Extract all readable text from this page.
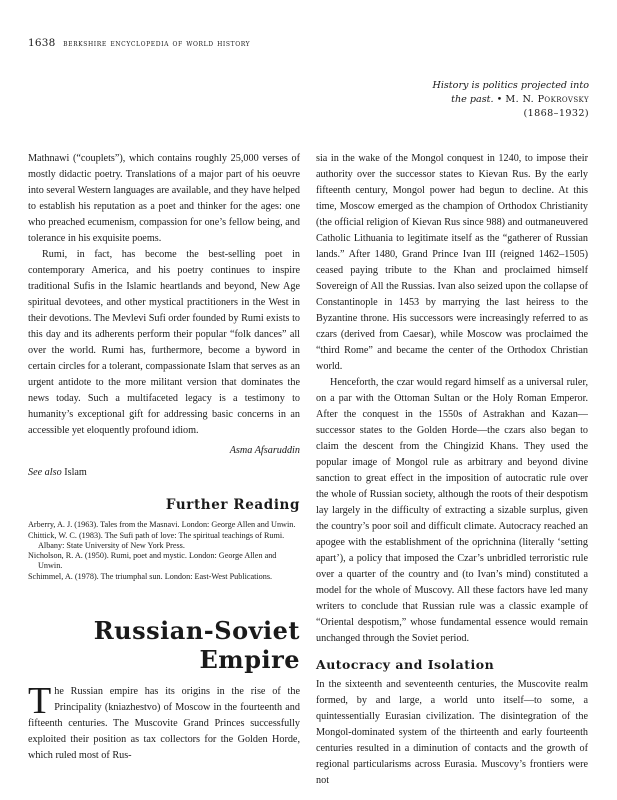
1638 berkshire encyclopedia of world history
History is politics projected into
the past. • M. N. Pokrovsky
(1868–1932)

Mathnawi (“couplets”), which contains roughly 25,000 verses of mostly didactic poetry. Translations of a major part of his oeuvre into several Western languages are available, and they have helped to establish his reputation as a poet and thinker for the ages: one who preached ecumenism, compassion for one’s fellow being, and tolerance in his exquisite poems.

Rumi, in fact, has become the best-selling poet in contemporary America, and his poetry continues to inspire traditional Sufis in the Islamic heartlands and beyond, New Age spiritual devotees, and other mystical practitioners in the West in their devotions. The Mevlevi Sufi order founded by Rumi exists to this day and its adherents perform their popular “folk dances” all over the world. Rumi has, furthermore, become a byword in certain circles for a tolerant, compassionate Islam that serves as an urgent antidote to the more militant version that dominates the news today. Such a multifaceted legacy is a testimony to humanity’s exceptional gift for addressing basic concerns in an accessible yet eloquently profound idiom.

Asma Afsaruddin
See also Islam
Further Reading
Arberry, A. J. (1963). Tales from the Masnavi. London: George Allen and Unwin.
Chittick, W. C. (1983). The Sufi path of love: The spiritual teachings of Rumi. Albany: State University of New York Press.
Nicholson, R. A. (1950). Rumi, poet and mystic. London: George Allen and Unwin.
Schimmel, A. (1978). The triumphal sun. London: East-West Publications.
Russian-Soviet
Empire
T he Russian empire has its origins in the rise of the Principality (kniazhestvo) of Moscow in the fourteenth and fifteenth centuries. The Muscovite Grand Princes successfully exploited their position as tax collectors for the Golden Horde, which ruled most of Rus-

sia in the wake of the Mongol conquest in 1240, to impose their authority over the successor states to Kievan Rus. By the early fifteenth century, Mongol power had begun to decline. At this time, Moscow emerged as the champion of Orthodox Christianity (the official religion of Kievan Rus since 988) and outmaneuvered Catholic Lithuania to legitimate itself as the “gatherer of Russian lands.” After 1480, Grand Prince Ivan III (reigned 1462–1505) ceased paying tribute to the Khan and proclaimed himself Sovereign of All the Russias. Ivan also seized upon the collapse of Constantinople in 1453 by marrying the last heiress to the Byzantine throne. His successors were increasingly referred to as czars (derived from Caesar), while Moscow was proclaimed the “third Rome” and became the center of the Orthodox Christian world.

Henceforth, the czar would regard himself as a universal ruler, on a par with the Ottoman Sultan or the Holy Roman Emperor. After the conquest in the 1550s of Astrakhan and Kazan—successor states to the Golden Horde—the czars also began to claim the descent from the Chingizid Khans. They used the popular image of Mongol rule as arbitrary and beyond divine sanction to great effect in the imposition of autocratic rule over the whole of Russian society, although the roots of their despotism lay largely in the difficulty of extracting a sizable surplus, given the country’s poor soil and difficult climate. Autocracy reached an apogee with the establishment of the oprichnina (literally ‘setting apart’), a policy that imposed the Czar’s unbridled terroristic rule over a quarter of the country and (to Ivan’s mind) constituted a model for the whole of Muscovy. All these factors have led many writers to conclude that Russian rule was a classic example of “Oriental despotism,” whose fundamental essence would remain unchanged through the Soviet period.

Autocracy and Isolation

In the sixteenth and seventeenth centuries, the Muscovite realm formed, by and large, a world unto itself—to some, a quintessentially Eurasian civilization. The disintegration of the Mongol-dominated system of the thirteenth and early fourteenth centuries resulted in a diminution of contacts and the growth of regional particularisms across Eurasia. Muscovy’s frontiers were not
